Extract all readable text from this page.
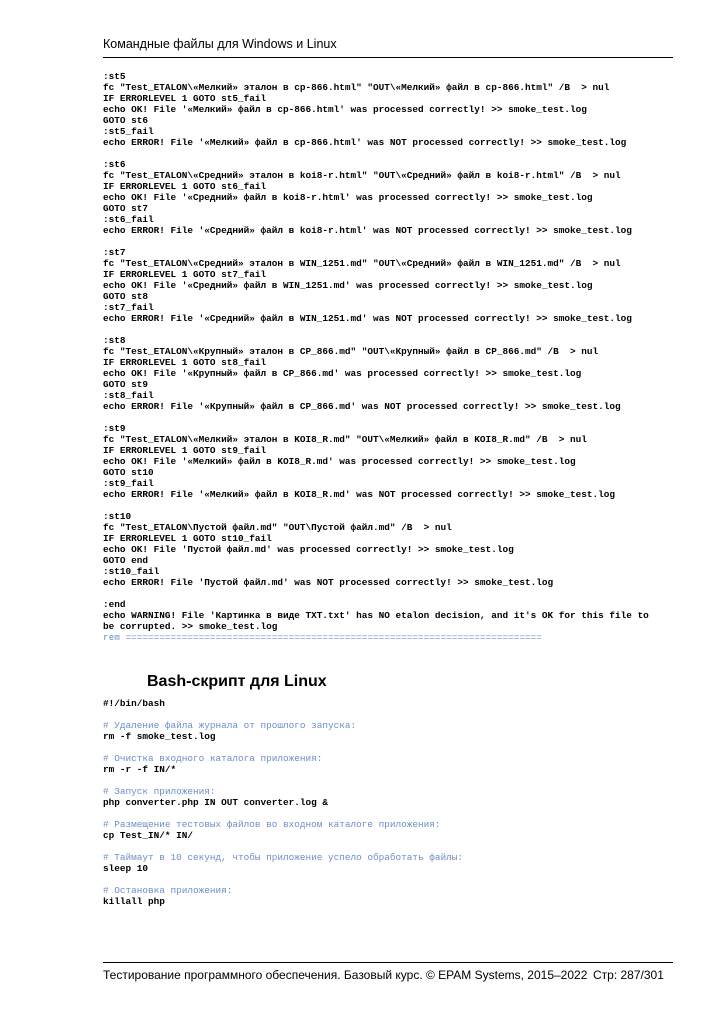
Командные файлы для Windows и Linux
:st5
fc "Test_ETALON\«Мелкий» эталон в cp-866.html" "OUT\«Мелкий» файл в cp-866.html" /B  > nul
IF ERRORLEVEL 1 GOTO st5_fail
echo OK! File '«Мелкий» файл в cp-866.html' was processed correctly! >> smoke_test.log
GOTO st6
:st5_fail
echo ERROR! File '«Мелкий» файл в cp-866.html' was NOT processed correctly! >> smoke_test.log
:st6
fc "Test_ETALON\«Средний» эталон в koi8-r.html" "OUT\«Средний» файл в koi8-r.html" /B  > nul
IF ERRORLEVEL 1 GOTO st6_fail
echo OK! File '«Средний» файл в koi8-r.html' was processed correctly! >> smoke_test.log
GOTO st7
:st6_fail
echo ERROR! File '«Средний» файл в koi8-r.html' was NOT processed correctly! >> smoke_test.log
:st7
fc "Test_ETALON\«Средний» эталон в WIN_1251.md" "OUT\«Средний» файл в WIN_1251.md" /B  > nul
IF ERRORLEVEL 1 GOTO st7_fail
echo OK! File '«Средний» файл в WIN_1251.md' was processed correctly! >> smoke_test.log
GOTO st8
:st7_fail
echo ERROR! File '«Средний» файл в WIN_1251.md' was NOT processed correctly! >> smoke_test.log
:st8
fc "Test_ETALON\«Крупный» эталон в CP_866.md" "OUT\«Крупный» файл в CP_866.md" /B  > nul
IF ERRORLEVEL 1 GOTO st8_fail
echo OK! File '«Крупный» файл в CP_866.md' was processed correctly! >> smoke_test.log
GOTO st9
:st8_fail
echo ERROR! File '«Крупный» файл в CP_866.md' was NOT processed correctly! >> smoke_test.log
:st9
fc "Test_ETALON\«Мелкий» эталон в KOI8_R.md" "OUT\«Мелкий» файл в KOI8_R.md" /B  > nul
IF ERRORLEVEL 1 GOTO st9_fail
echo OK! File '«Мелкий» файл в KOI8_R.md' was processed correctly! >> smoke_test.log
GOTO st10
:st9_fail
echo ERROR! File '«Мелкий» файл в KOI8_R.md' was NOT processed correctly! >> smoke_test.log
:st10
fc "Test_ETALON\Пустой файл.md" "OUT\Пустой файл.md" /B  > nul
IF ERRORLEVEL 1 GOTO st10_fail
echo OK! File 'Пустой файл.md' was processed correctly! >> smoke_test.log
GOTO end
:st10_fail
echo ERROR! File 'Пустой файл.md' was NOT processed correctly! >> smoke_test.log
:end
echo WARNING! File 'Картинка в виде TXT.txt' has NO etalon decision, and it's OK for this file to
be corrupted. >> smoke_test.log
rem ==========================================================================
Bash-скрипт для Linux
#!/bin/bash
# Удаление файла журнала от прошлого запуска:
rm -f smoke_test.log
# Очистка входного каталога приложения:
rm -r -f IN/*
# Запуск приложения:
php converter.php IN OUT converter.log &
# Размещение тестовых файлов во входном каталоге приложения:
cp Test_IN/* IN/
# Таймаут в 10 секунд, чтобы приложение успело обработать файлы:
sleep 10
# Остановка приложения:
killall php
Тестирование программного обеспечения. Базовый курс. © EPAM Systems, 2015–2022 Стр: 287/301
